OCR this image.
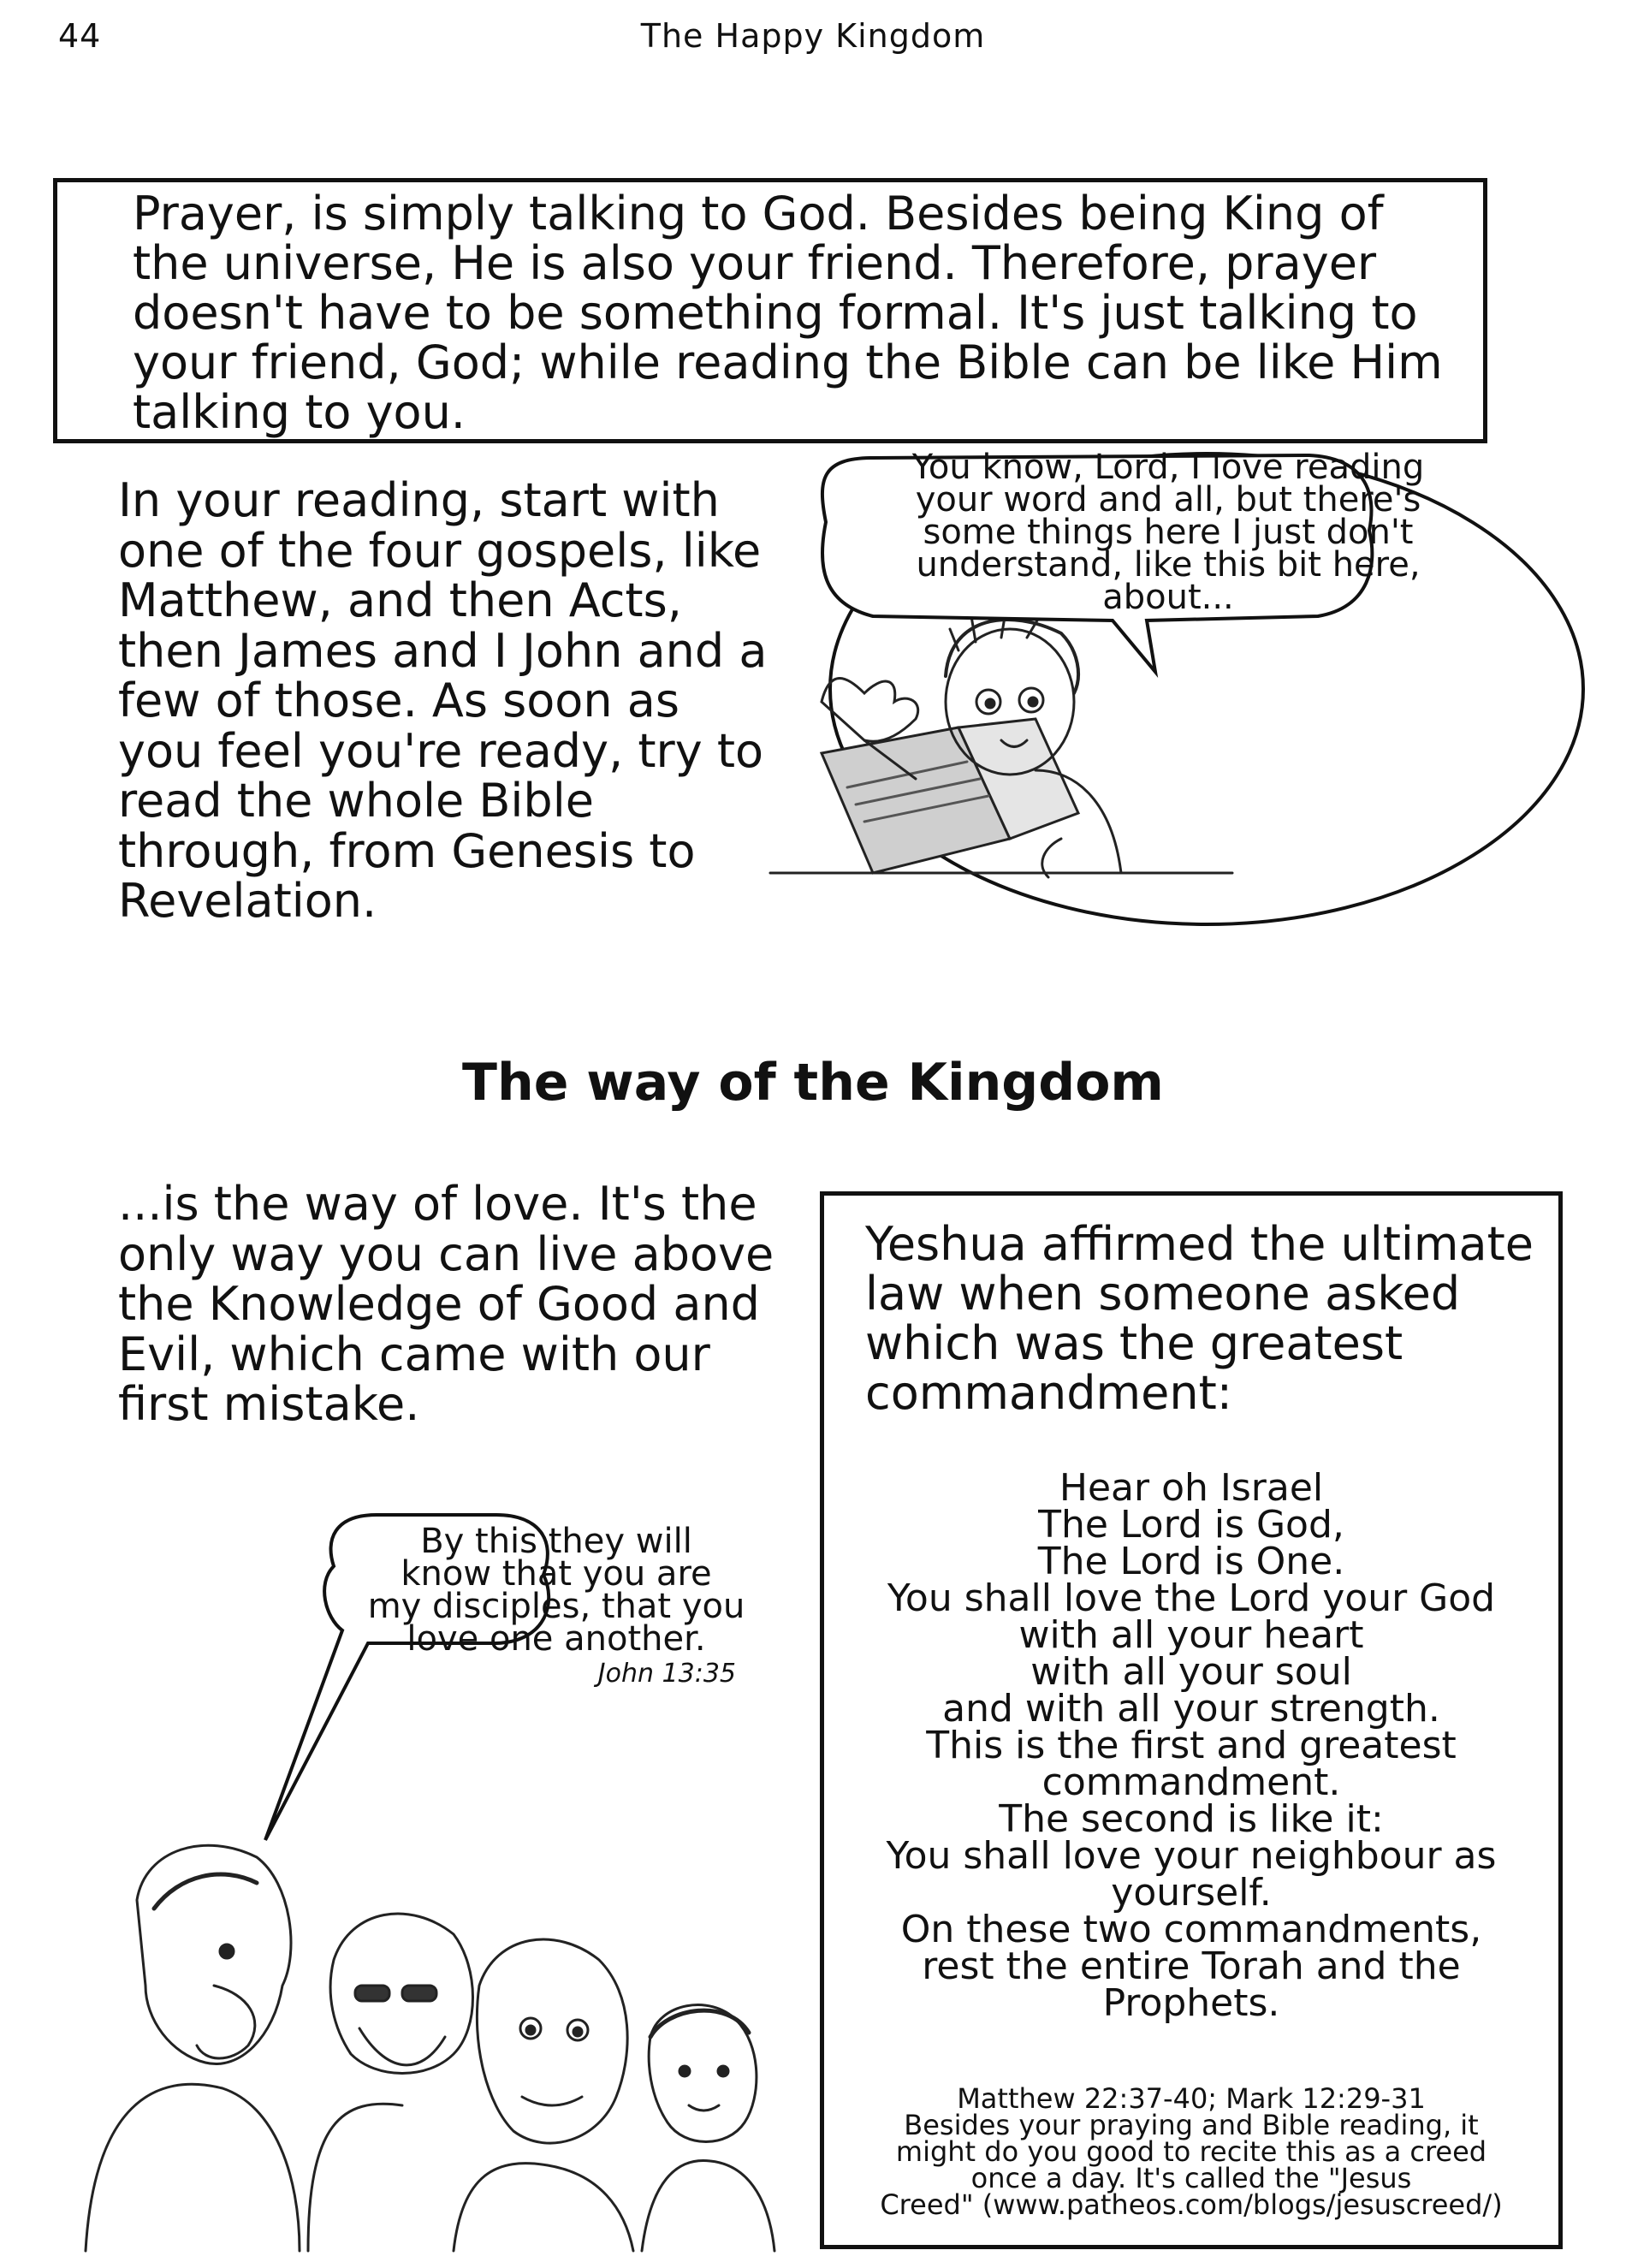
44	The Happy Kingdom

Prayer, is simply talking to God. Besides being King of the universe, He is also your friend. Therefore, prayer doesn't have to be something formal. It's just talking to your friend, God; while reading the Bible can be like Him talking to you.

In your reading, start with one of the four gospels, like Matthew, and then Acts, then James and I John and a few of those. As soon as you feel you're ready, try to read the whole Bible through, from Genesis to Revelation.

You know, Lord, I love reading
your word and all, but there's
some things here I just don't
understand, like this bit here,
about...
The way of the Kingdom

...is the way of love. It's the only way you can live above the Knowledge of Good and Evil, which came with our first mistake.

By this they will
know that you are
my disciples, that you
love one another.
John 13:35

Yeshua affirmed the ultimate law when someone asked which was the greatest commandment:

Hear oh Israel
The Lord is God,
The Lord is One.
You shall love the Lord your God
with all your heart
with all your soul
and with all your strength.
This is the first and greatest
commandment.
The second is like it:
You shall love your neighbour as
yourself.
On these two commandments,
rest the entire Torah and the
Prophets.
Matthew 22:37-40; Mark 12:29-31
Besides your praying and Bible reading, it
might do you good to recite this as a creed
once a day. It's called the "Jesus
Creed" (www.patheos.com/blogs/jesuscreed/)
